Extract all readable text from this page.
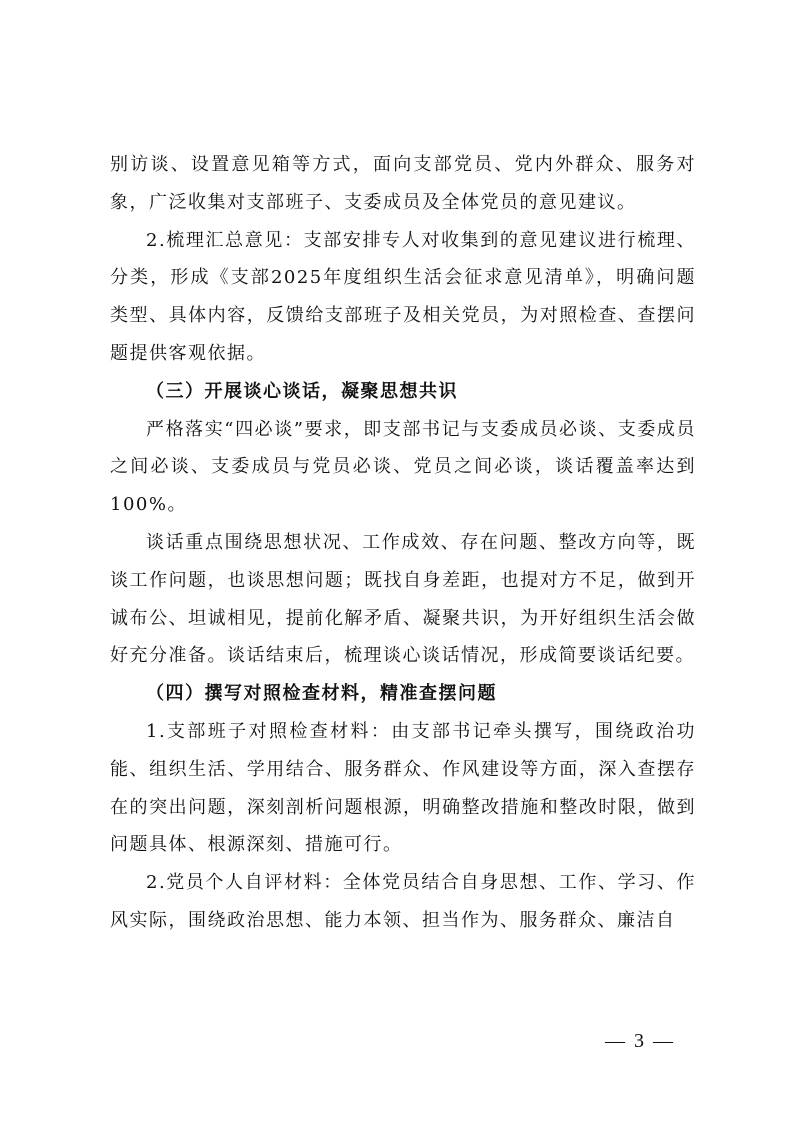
别访谈、设置意见箱等方式，面向支部党员、党内外群众、服务对象，广泛收集对支部班子、支委成员及全体党员的意见建议。

2.梳理汇总意见：支部安排专人对收集到的意见建议进行梳理、分类，形成《支部2025年度组织生活会征求意见清单》，明确问题类型、具体内容，反馈给支部班子及相关党员，为对照检查、查摆问题提供客观依据。

（三）开展谈心谈话，凝聚思想共识

严格落实“四必谈”要求，即支部书记与支委成员必谈、支委成员之间必谈、支委成员与党员必谈、党员之间必谈，谈话覆盖率达到100%。

谈话重点围绕思想状况、工作成效、存在问题、整改方向等，既谈工作问题，也谈思想问题；既找自身差距，也提对方不足，做到开诚布公、坦诚相见，提前化解矛盾、凝聚共识，为开好组织生活会做好充分准备。谈话结束后，梳理谈心谈话情况，形成简要谈话纪要。

（四）撰写对照检查材料，精准查摆问题

1.支部班子对照检查材料：由支部书记牵头撰写，围绕政治功能、组织生活、学用结合、服务群众、作风建设等方面，深入查摆存在的突出问题，深刻剖析问题根源，明确整改措施和整改时限，做到问题具体、根源深刻、措施可行。

2.党员个人自评材料：全体党员结合自身思想、工作、学习、作风实际，围绕政治思想、能力本领、担当作为、服务群众、廉洁自

— 3 —
